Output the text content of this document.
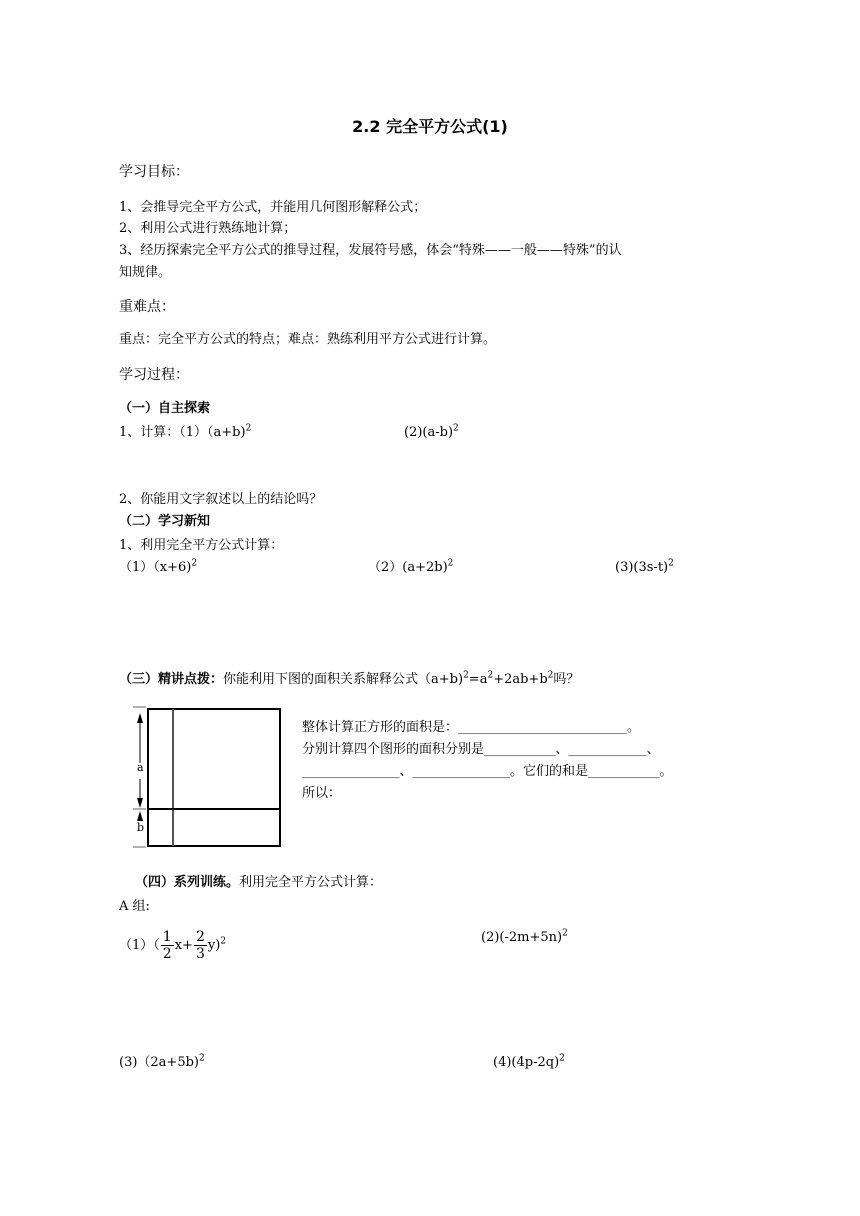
2.2 完全平方公式(1)
学习目标：
1、会推导完全平方公式，并能用几何图形解释公式；
2、利用公式进行熟练地计算；
3、经历探索完全平方公式的推导过程，发展符号感，体会“特殊——一般——特殊”的认
知规律。
重难点：
重点：完全平方公式的特点；难点：熟练利用平方公式进行计算。
学习过程：
（一）自主探索
1、计算：（1）（a+b)$^2$	$(2)(a-b)^2$
2、你能用文字叙述以上的结论吗？
（二）学习新知
1、利用完全平方公式计算：
（1）（x+6)$^2$	$(2)(a+2b)^2$	$(3)(3s-t)^2$
（三）精讲点拨：你能利用下图的面积关系解释公式$(a+b)^2=a^2+2ab+b^2$吗？
a
b
整体计算正方形的面积是：__________________________。
分别计算四个图形的面积分别是___________、____________、
_______________、_______________。它们的和是___________。
所以：
（四）系列训练。利用完全平方公式计算：
A 组:
$(1)( \frac{1}{2} x+ \frac{2}{3} y)^2$	$(2)(-2m+5n)^2$
(3)（2a+5b)$^2$	$(4)(4p-2q)^2$
